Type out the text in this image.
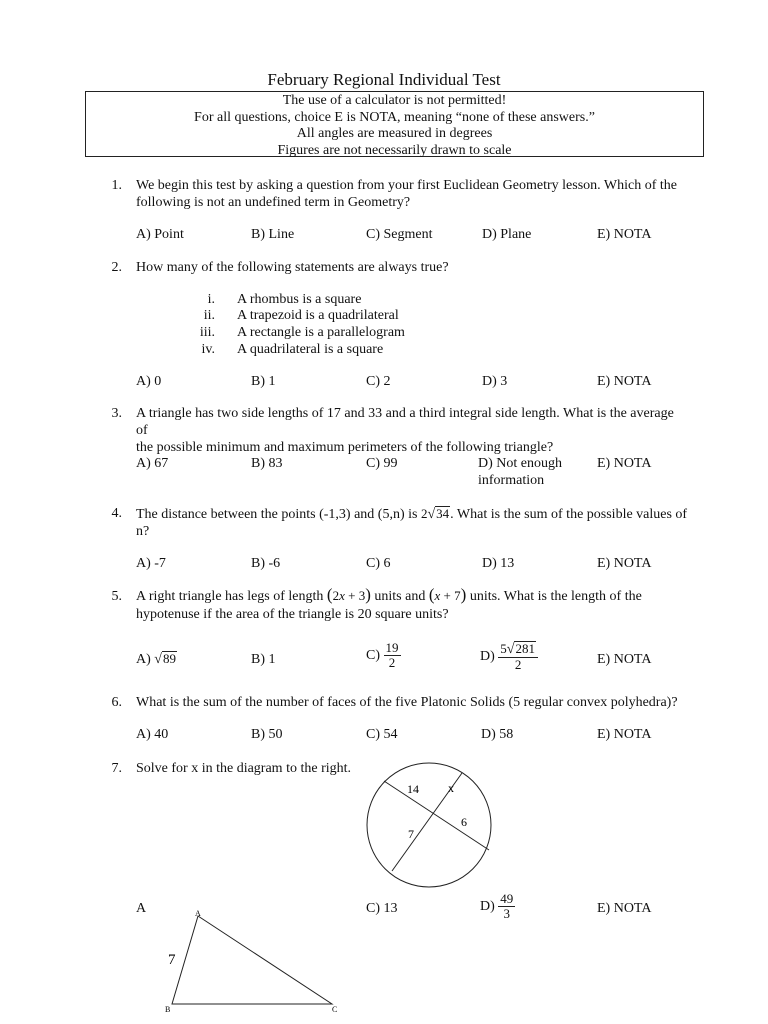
February Regional Individual Test
The use of a calculator is not permitted!
For all questions, choice E is NOTA, meaning “none of these answers.”
All angles are measured in degrees
Figures are not necessarily drawn to scale
1. We begin this test by asking a question from your first Euclidean Geometry lesson. Which of the
following is not an undefined term in Geometry?
A) Point	B) Line	C) Segment	D) Plane	E) NOTA
2. How many of the following statements are always true?
i. A rhombus is a square
ii. A trapezoid is a quadrilateral
iii. A rectangle is a parallelogram
iv. A quadrilateral is a square
A) 0	B) 1	C) 2	D) 3	E) NOTA
3. A triangle has two side lengths of 17 and 33 and a third integral side length. What is the average of
the possible minimum and maximum perimeters of the following triangle?
A) 67	B) 83	C) 99	D) Not enough
information
E) NOTA
4. The distance between the points (-1,3) and (5,n) is 2√34. What is the sum of the possible values of
n?
A) -7	B) -6	C) 6	D) 13	E) NOTA
5. A right triangle has legs of length (2x + 3) units and (x + 7) units. What is the length of the
hypotenuse if the area of the triangle is 20 square units?
A) √89	B) 1	$C) \frac{19}{2}$	$D) \frac{5√281}{2}$	E) NOTA
6. What is the sum of the number of faces of the five Platonic Solids (5 regular convex polyhedra)?
A) 40	B) 50	C) 54	D) 58	E) NOTA
7. Solve for x in the diagram to the right.
14 x
6
7
A	C) 13	$D) \frac{49}{3}$	E) NOTA
A
B	C
7
